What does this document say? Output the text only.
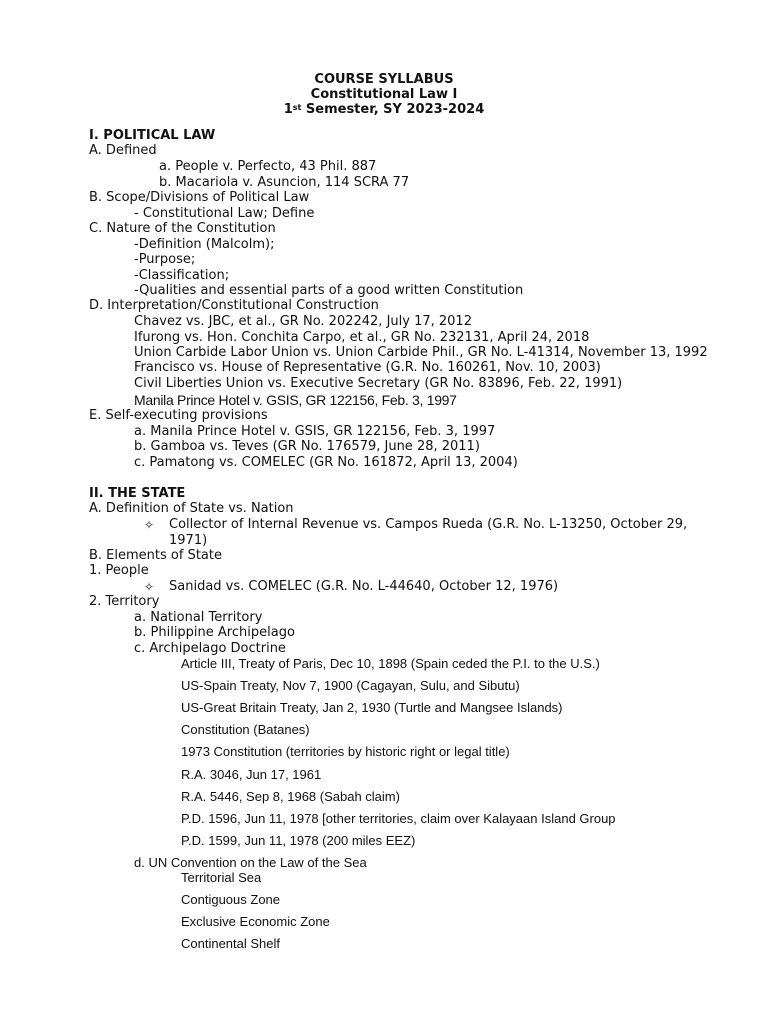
COURSE SYLLABUS
Constitutional Law I
1st Semester, SY 2023-2024
I. POLITICAL LAW
A. Defined
a. People v. Perfecto, 43 Phil. 887
b. Macariola v. Asuncion, 114 SCRA 77
B. Scope/Divisions of Political Law
- Constitutional Law; Define
C. Nature of the Constitution
-Definition (Malcolm);
-Purpose;
-Classification;
-Qualities and essential parts of a good written Constitution
D. Interpretation/Constitutional Construction
Chavez vs. JBC, et al., GR No. 202242, July 17, 2012
Ifurong vs. Hon. Conchita Carpo, et al., GR No. 232131, April 24, 2018
Union Carbide Labor Union vs. Union Carbide Phil., GR No. L-41314, November 13, 1992
Francisco vs. House of Representative (G.R. No. 160261, Nov. 10, 2003)
Civil Liberties Union vs. Executive Secretary (GR No. 83896, Feb. 22, 1991)
Manila Prince Hotel v. GSIS, GR 122156, Feb. 3, 1997
E. Self-executing provisions
a. Manila Prince Hotel v. GSIS, GR 122156, Feb. 3, 1997
b. Gamboa vs. Teves (GR No. 176579, June 28, 2011)
c. Pamatong vs. COMELEC (GR No. 161872, April 13, 2004)
II. THE STATE
A. Definition of State vs. Nation
✧ Collector of Internal Revenue vs. Campos Rueda (G.R. No. L-13250, October 29,
1971)
B. Elements of State
1. People
✧ Sanidad vs. COMELEC (G.R. No. L-44640, October 12, 1976)
2. Territory
a. National Territory
b. Philippine Archipelago
c. Archipelago Doctrine
Article III, Treaty of Paris, Dec 10, 1898 (Spain ceded the P.I. to the U.S.)
US-Spain Treaty, Nov 7, 1900 (Cagayan, Sulu, and Sibutu)
US-Great Britain Treaty, Jan 2, 1930 (Turtle and Mangsee Islands)
Constitution (Batanes)
1973 Constitution (territories by historic right or legal title)
R.A. 3046, Jun 17, 1961
R.A. 5446, Sep 8, 1968 (Sabah claim)
P.D. 1596, Jun 11, 1978 [other territories, claim over Kalayaan Island Group
P.D. 1599, Jun 11, 1978 (200 miles EEZ)
d. UN Convention on the Law of the Sea
Territorial Sea
Contiguous Zone
Exclusive Economic Zone
Continental Shelf
